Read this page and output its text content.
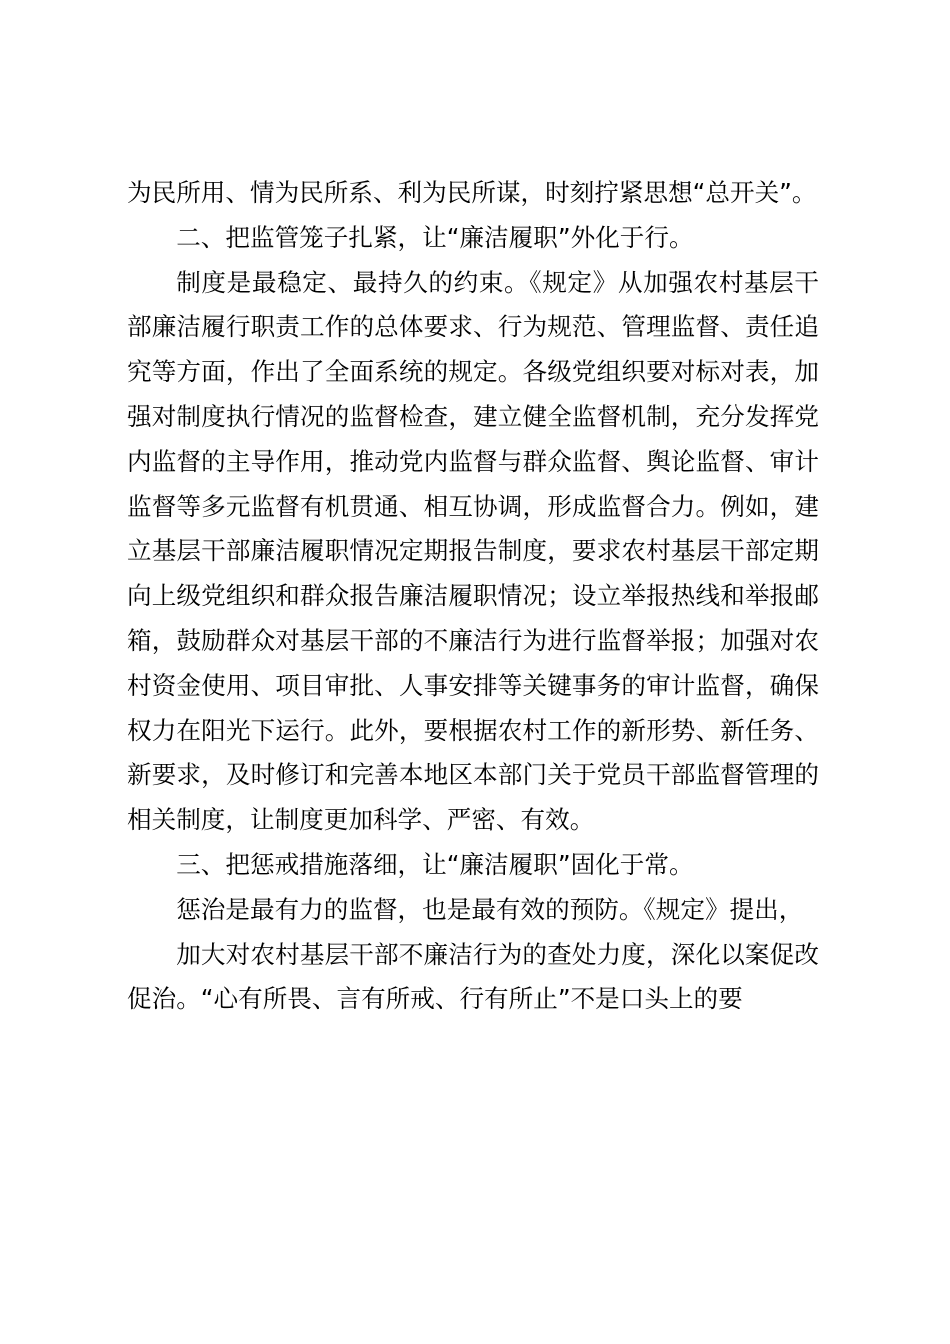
为民所用、情为民所系、利为民所谋，时刻拧紧思想“总开关”。

二、把监管笼子扎紧，让“廉洁履职”外化于行。

制度是最稳定、最持久的约束。《规定》从加强农村基层干部廉洁履行职责工作的总体要求、行为规范、管理监督、责任追究等方面，作出了全面系统的规定。各级党组织要对标对表，加强对制度执行情况的监督检查，建立健全监督机制，充分发挥党内监督的主导作用，推动党内监督与群众监督、舆论监督、审计监督等多元监督有机贯通、相互协调，形成监督合力。例如，建立基层干部廉洁履职情况定期报告制度，要求农村基层干部定期向上级党组织和群众报告廉洁履职情况；设立举报热线和举报邮箱，鼓励群众对基层干部的不廉洁行为进行监督举报；加强对农村资金使用、项目审批、人事安排等关键事务的审计监督，确保权力在阳光下运行。此外，要根据农村工作的新形势、新任务、新要求，及时修订和完善本地区本部门关于党员干部监督管理的相关制度，让制度更加科学、严密、有效。

三、把惩戒措施落细，让“廉洁履职”固化于常。

惩治是最有力的监督，也是最有效的预防。《规定》提出，

加大对农村基层干部不廉洁行为的查处力度，深化以案促改促治。“心有所畏、言有所戒、行有所止”不是口头上的要
